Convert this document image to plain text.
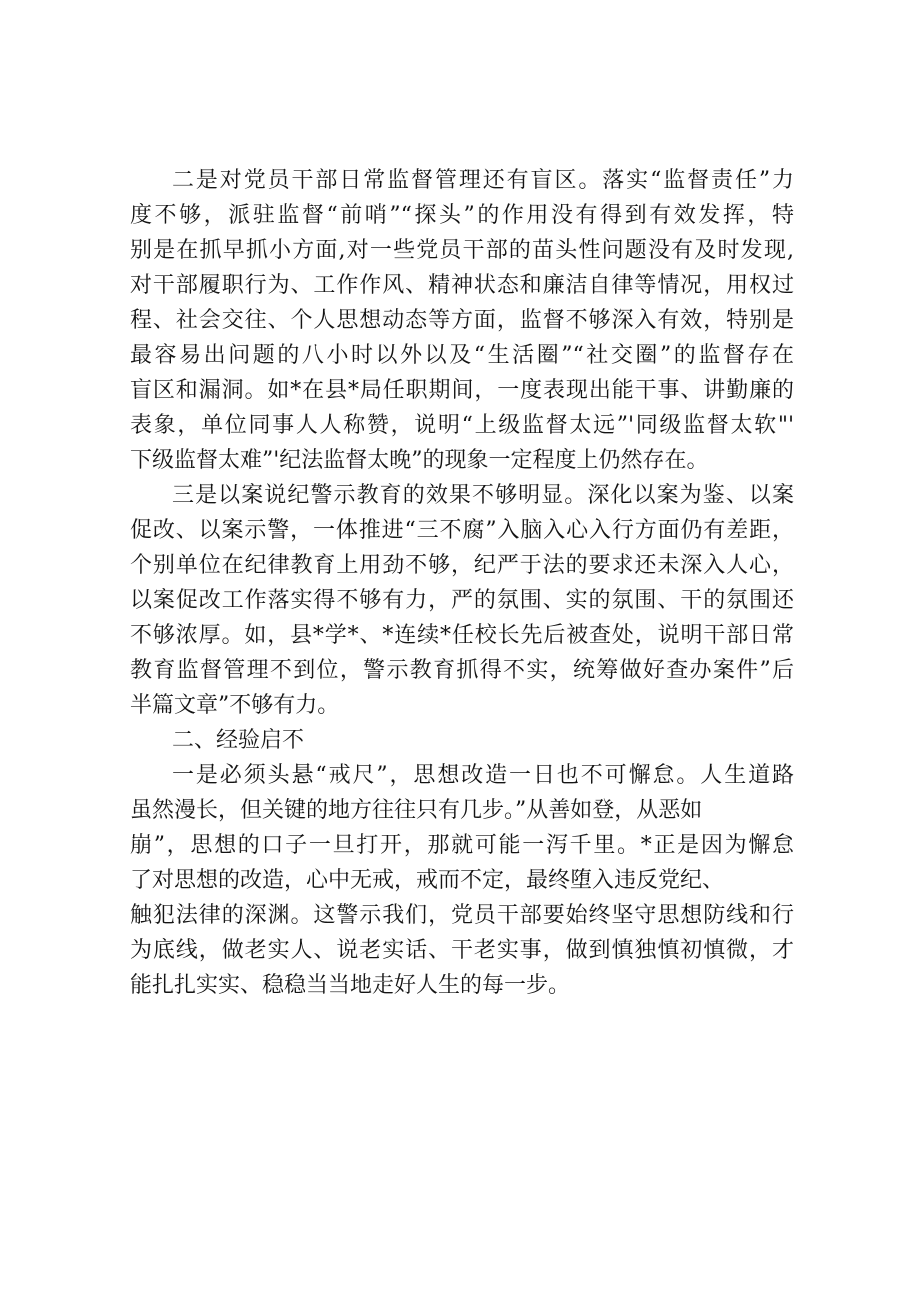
二是对党员干部日常监督管理还有盲区。落实“监督责任”力
度不够，派驻监督“前哨”“探头”的作用没有得到有效发挥，特
别是在抓早抓小方面,对一些党员干部的苗头性问题没有及时发现,
对干部履职行为、工作作风、精神状态和廉洁自律等情况，用权过
程、社会交往、个人思想动态等方面，监督不够深入有效，特别是
最容易出问题的八小时以外以及“生活圈”“社交圈”的监督存在
盲区和漏洞。如*在县*局任职期间，一度表现出能干事、讲勤廉的
表象，单位同事人人称赞，说明“上级监督太远”'同级监督太软"'
下级监督太难”'纪法监督太晚”的现象一定程度上仍然存在。
三是以案说纪警示教育的效果不够明显。深化以案为鉴、以案
促改、以案示警，一体推进“三不腐”入脑入心入行方面仍有差距，
个别单位在纪律教育上用劲不够，纪严于法的要求还未深入人心，
以案促改工作落实得不够有力，严的氛围、实的氛围、干的氛围还
不够浓厚。如，县*学*、*连续*任校长先后被查处，说明干部日常
教育监督管理不到位，警示教育抓得不实，统筹做好查办案件”后
半篇文章”不够有力。
二、经验启不
一是必须头悬“戒尺”，思想改造一日也不可懈怠。人生道路
虽然漫长，但关键的地方往往只有几步。”从善如登，从恶如
崩”，思想的口子一旦打开，那就可能一泻千里。*正是因为懈怠
了对思想的改造，心中无戒，戒而不定，最终堕入违反党纪、
触犯法律的深渊。这警示我们，党员干部要始终坚守思想防线和行
为底线，做老实人、说老实话、干老实事，做到慎独慎初慎微，才
能扎扎实实、稳稳当当地走好人生的每一步。
